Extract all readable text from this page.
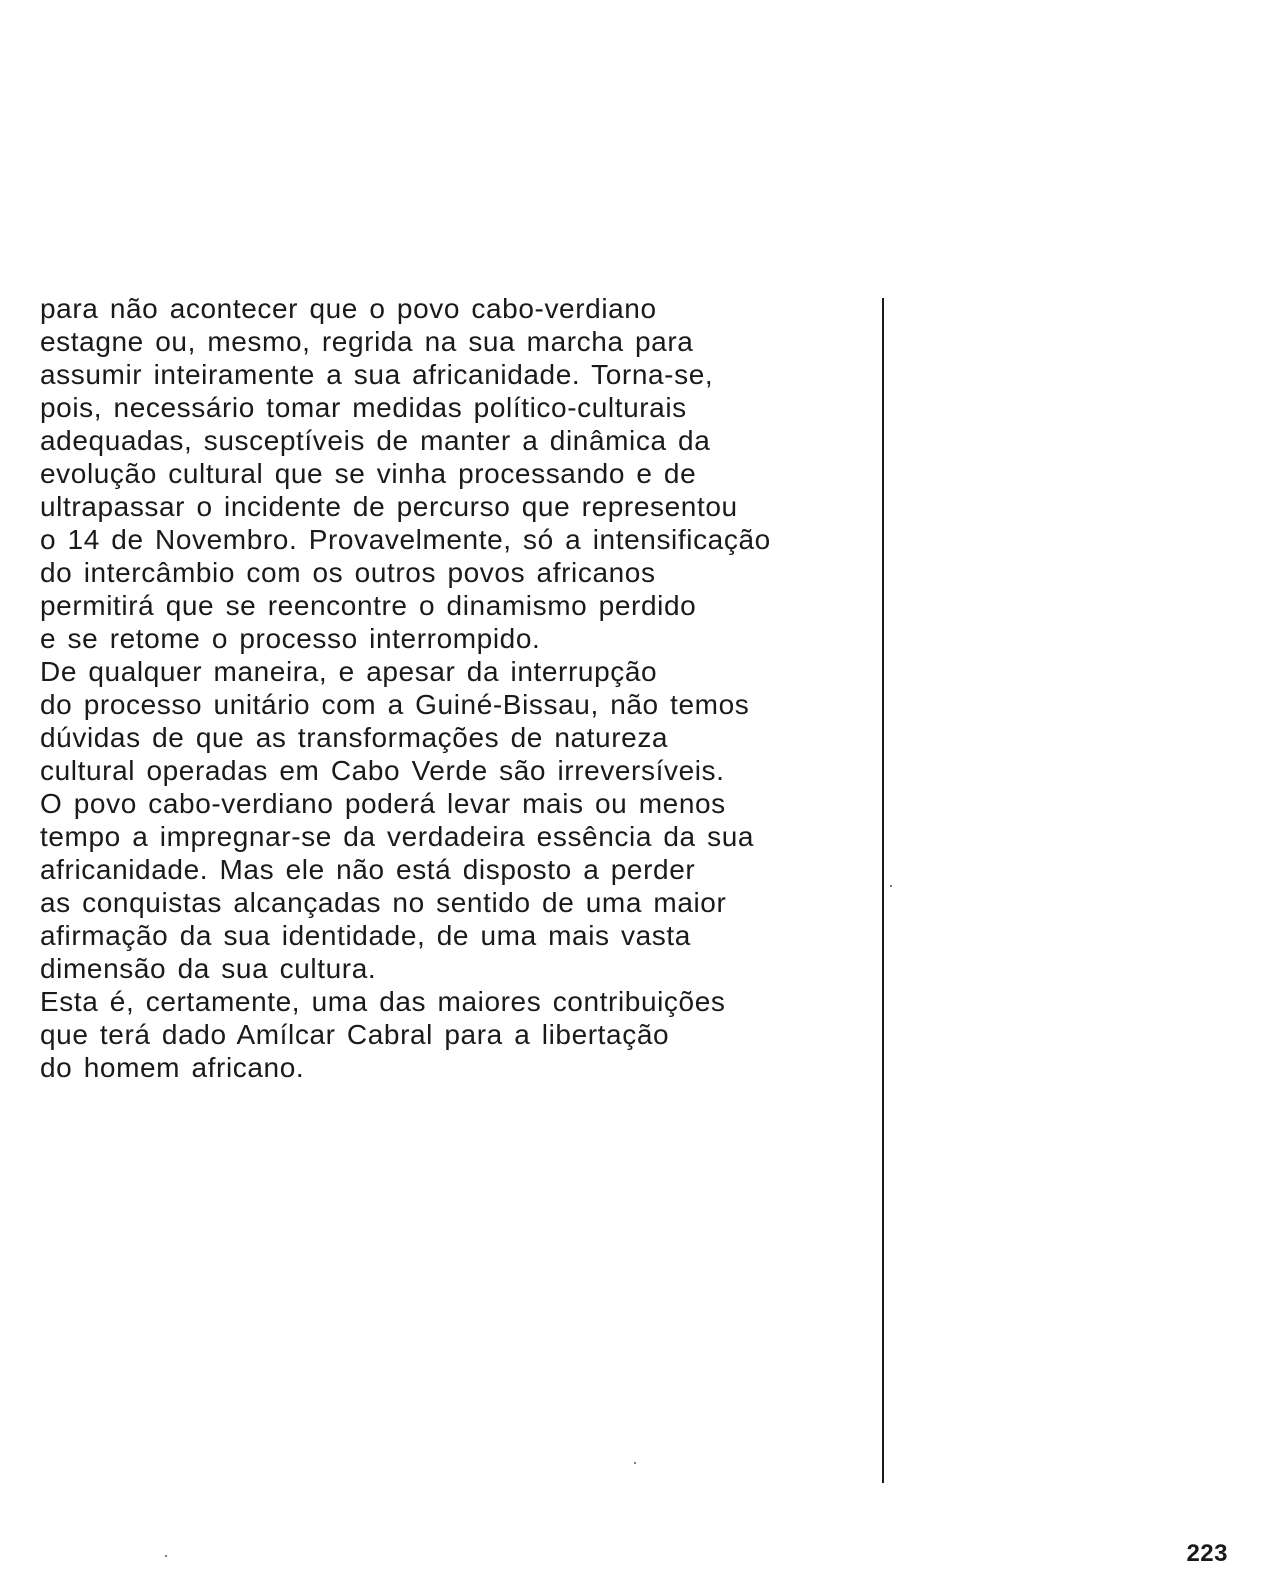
para não acontecer que o povo cabo-verdiano

estagne ou, mesmo, regrida na sua marcha para

assumir inteiramente a sua africanidade. Torna-se,

pois, necessário tomar medidas político-culturais

adequadas, susceptíveis de manter a dinâmica da

evolução cultural que se vinha processando e de

ultrapassar o incidente de percurso que representou

o 14 de Novembro. Provavelmente, só a intensificação

do intercâmbio com os outros povos africanos

permitirá que se reencontre o dinamismo perdido

e se retome o processo interrompido.

De qualquer maneira, e apesar da interrupção

do processo unitário com a Guiné-Bissau, não temos

dúvidas de que as transformações de natureza

cultural operadas em Cabo Verde são irreversíveis.

O povo cabo-verdiano poderá levar mais ou menos

tempo a impregnar-se da verdadeira essência da sua

africanidade. Mas ele não está disposto a perder

as conquistas alcançadas no sentido de uma maior

afirmação da sua identidade, de uma mais vasta

dimensão da sua cultura.

Esta é, certamente, uma das maiores contribuições

que terá dado Amílcar Cabral para a libertação

do homem africano.

223
